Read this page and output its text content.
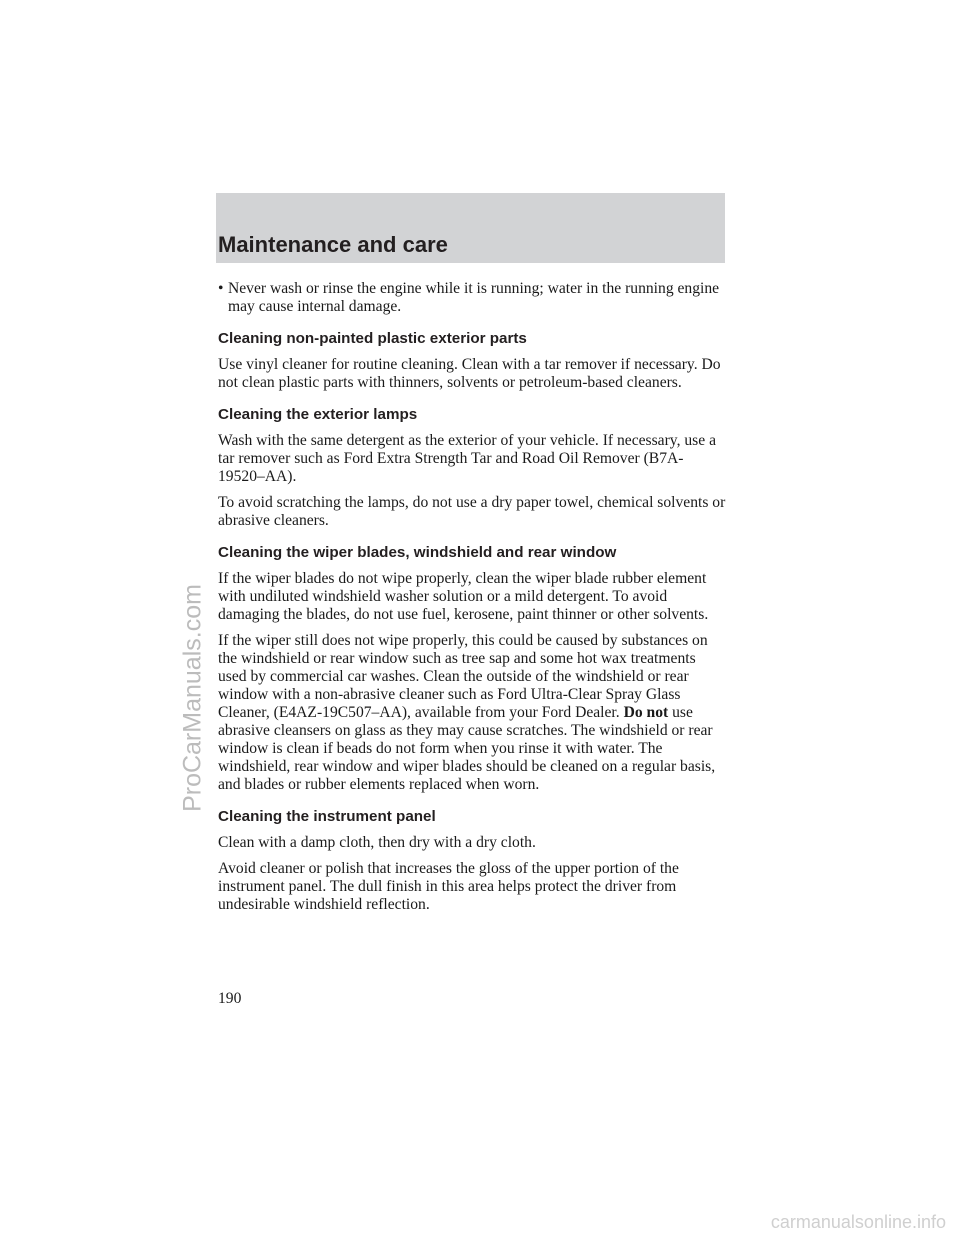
Maintenance and care
• Never wash or rinse the engine while it is running; water in the running engine may cause internal damage.
Cleaning non-painted plastic exterior parts

Use vinyl cleaner for routine cleaning. Clean with a tar remover if necessary. Do not clean plastic parts with thinners, solvents or petroleum-based cleaners.

Cleaning the exterior lamps

Wash with the same detergent as the exterior of your vehicle. If necessary, use a tar remover such as Ford Extra Strength Tar and Road Oil Remover (B7A-19520–AA).

To avoid scratching the lamps, do not use a dry paper towel, chemical solvents or abrasive cleaners.

Cleaning the wiper blades, windshield and rear window

If the wiper blades do not wipe properly, clean the wiper blade rubber element with undiluted windshield washer solution or a mild detergent. To avoid damaging the blades, do not use fuel, kerosene, paint thinner or other solvents.

If the wiper still does not wipe properly, this could be caused by substances on the windshield or rear window such as tree sap and some hot wax treatments used by commercial car washes. Clean the outside of the windshield or rear window with a non-abrasive cleaner such as Ford Ultra-Clear Spray Glass Cleaner, (E4AZ-19C507–AA), available from your Ford Dealer. Do not use abrasive cleansers on glass as they may cause scratches. The windshield or rear window is clean if beads do not form when you rinse it with water. The windshield, rear window and wiper blades should be cleaned on a regular basis, and blades or rubber elements replaced when worn.

Cleaning the instrument panel

Clean with a damp cloth, then dry with a dry cloth.

Avoid cleaner or polish that increases the gloss of the upper portion of the instrument panel. The dull finish in this area helps protect the driver from undesirable windshield reflection.

190
ProCarManuals.com
carmanualsonline.info
